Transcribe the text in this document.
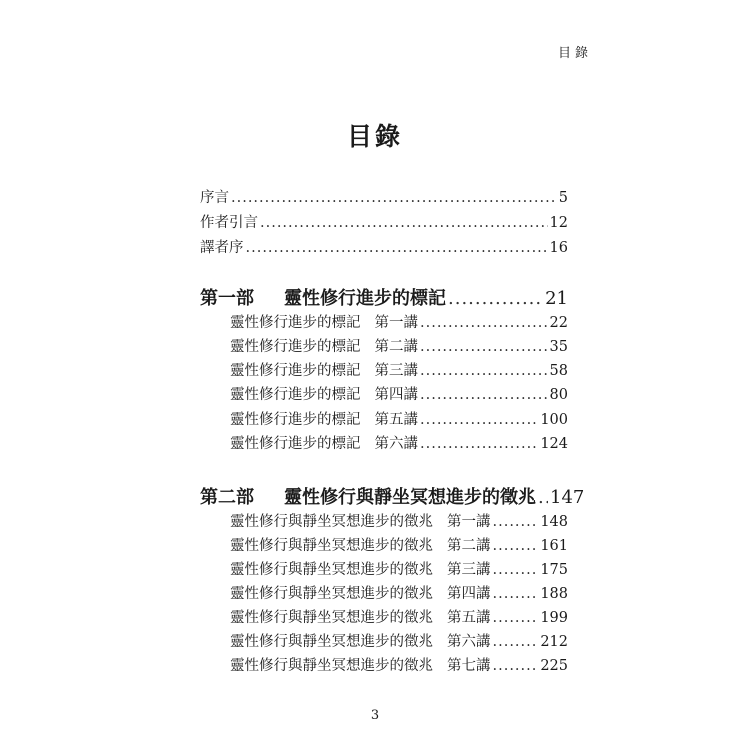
目錄
目錄
序言 .....	5
作者引言 .....	12
譯者序 .....	16
第一部	靈性修行進步的標記 .....	21
靈性修行進步的標記 第一講 .....	22
靈性修行進步的標記 第二講 .....	35
靈性修行進步的標記 第三講 .....	58
靈性修行進步的標記 第四講 .....	80
靈性修行進步的標記 第五講 .....	100
靈性修行進步的標記 第六講 .....	124
第二部	靈性修行與靜坐冥想進步的徵兆 ..... 147
靈性修行與靜坐冥想進步的徵兆 第一講 .....	148
靈性修行與靜坐冥想進步的徵兆 第二講 .....	161
靈性修行與靜坐冥想進步的徵兆 第三講 .....	175
靈性修行與靜坐冥想進步的徵兆 第四講 .....	188
靈性修行與靜坐冥想進步的徵兆 第五講 .....	199
靈性修行與靜坐冥想進步的徵兆 第六講 .....	212
靈性修行與靜坐冥想進步的徵兆 第七講 .....	225
3
